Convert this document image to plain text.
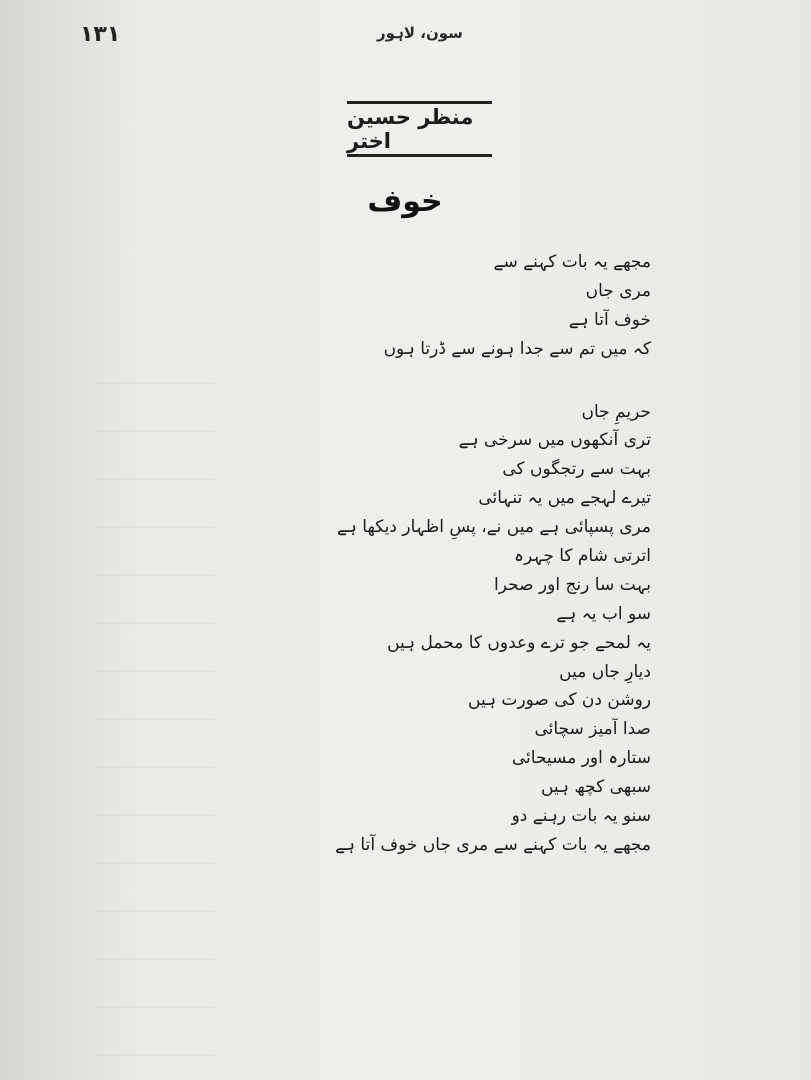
۱۳۱	سون، لاہور
منظر حسین اختر
خوف
مجھے یہ بات کہنے سے
مری جاں
خوف آتا ہے
کہ میں تم سے جدا ہونے سے ڈرتا ہوں
حریمِ جاں
تری آنکھوں میں سرخی ہے
بہت سے رتجگوں کی
تیرے لہجے میں یہ تنہائی
مری پسپائی ہے میں نے، پسِ اظہار دیکھا ہے
اترتی شام کا چہرہ
بہت سا رنج اور صحرا
سو اب یہ ہے
یہ لمحے جو ترے وعدوں کا محمل ہیں
دیارِ جاں میں
روشن دن کی صورت ہیں
صدا آمیز سچائی
ستارہ اور مسیحائی
سبھی کچھ ہیں
سنو یہ بات رہنے دو
مجھے یہ بات کہنے سے مری جاں خوف آتا ہے
